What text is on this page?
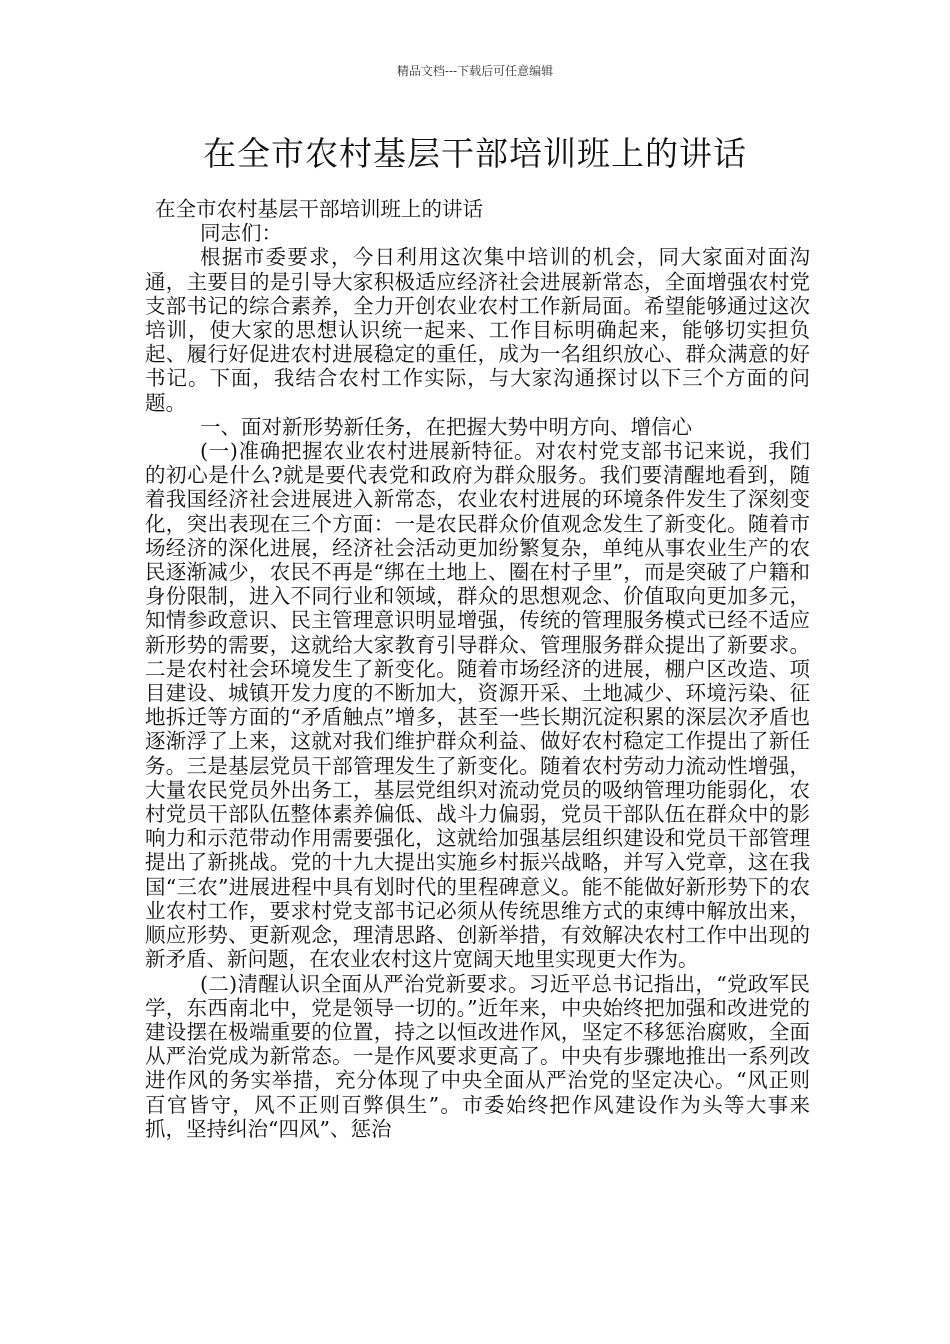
精品文档---下载后可任意编辑
在全市农村基层干部培训班上的讲话

在全市农村基层干部培训班上的讲话

同志们：

根据市委要求，今日利用这次集中培训的机会，同大家面对面沟通，主要目的是引导大家积极适应经济社会进展新常态，全面增强农村党支部书记的综合素养，全力开创农业农村工作新局面。希望能够通过这次培训，使大家的思想认识统一起来、工作目标明确起来，能够切实担负起、履行好促进农村进展稳定的重任，成为一名组织放心、群众满意的好书记。下面，我结合农村工作实际，与大家沟通探讨以下三个方面的问题。

一、面对新形势新任务，在把握大势中明方向、增信心

(一)准确把握农业农村进展新特征。对农村党支部书记来说，我们的初心是什么?就是要代表党和政府为群众服务。我们要清醒地看到，随着我国经济社会进展进入新常态，农业农村进展的环境条件发生了深刻变化，突出表现在三个方面：一是农民群众价值观念发生了新变化。随着市场经济的深化进展，经济社会活动更加纷繁复杂，单纯从事农业生产的农民逐渐减少，农民不再是“绑在土地上、圈在村子里”，而是突破了户籍和身份限制，进入不同行业和领域，群众的思想观念、价值取向更加多元，知情参政意识、民主管理意识明显增强，传统的管理服务模式已经不适应新形势的需要，这就给大家教育引导群众、管理服务群众提出了新要求。二是农村社会环境发生了新变化。随着市场经济的进展，棚户区改造、项目建设、城镇开发力度的不断加大，资源开采、土地减少、环境污染、征地拆迁等方面的“矛盾触点”增多，甚至一些长期沉淀积累的深层次矛盾也逐渐浮了上来，这就对我们维护群众利益、做好农村稳定工作提出了新任务。三是基层党员干部管理发生了新变化。随着农村劳动力流动性增强，大量农民党员外出务工，基层党组织对流动党员的吸纳管理功能弱化，农村党员干部队伍整体素养偏低、战斗力偏弱，党员干部队伍在群众中的影响力和示范带动作用需要强化，这就给加强基层组织建设和党员干部管理提出了新挑战。党的十九大提出实施乡村振兴战略，并写入党章，这在我国“三农”进展进程中具有划时代的里程碑意义。能不能做好新形势下的农业农村工作，要求村党支部书记必须从传统思维方式的束缚中解放出来，顺应形势、更新观念，理清思路、创新举措，有效解决农村工作中出现的新矛盾、新问题，在农业农村这片宽阔天地里实现更大作为。

(二)清醒认识全面从严治党新要求。习近平总书记指出，“党政军民学，东西南北中，党是领导一切的。”近年来，中央始终把加强和改进党的建设摆在极端重要的位置，持之以恒改进作风，坚定不移惩治腐败，全面从严治党成为新常态。一是作风要求更高了。中央有步骤地推出一系列改进作风的务实举措，充分体现了中央全面从严治党的坚定决心。“风正则百官皆守，风不正则百弊俱生”。市委始终把作风建设作为头等大事来抓，坚持纠治“四风”、惩治
